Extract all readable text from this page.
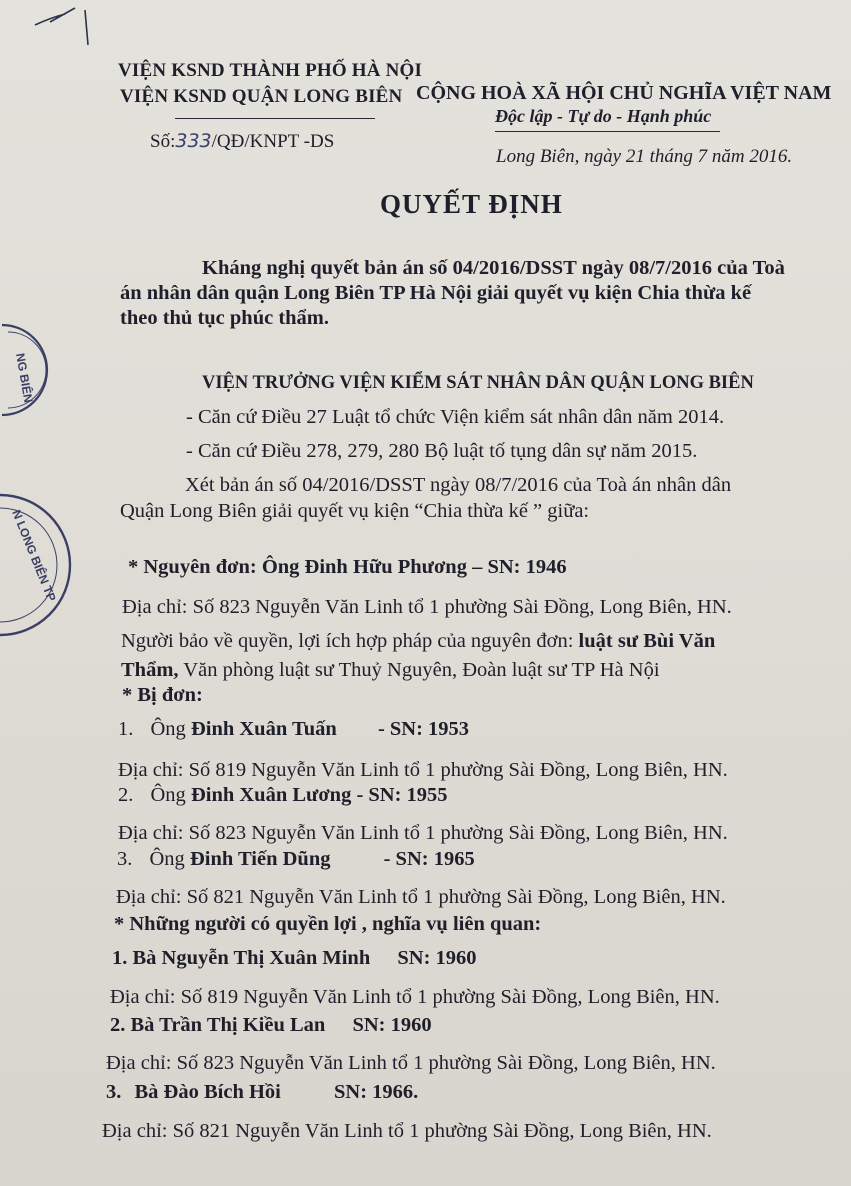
VIỆN KSND THÀNH PHỐ HÀ NỘI
VIỆN KSND QUẬN LONG BIÊN
Số:333/QĐ/KNPT -DS
CỘNG HOÀ XÃ HỘI CHỦ NGHĨA VIỆT NAM
Độc lập - Tự do - Hạnh phúc
Long Biên, ngày 21 tháng 7 năm 2016.
QUYẾT ĐỊNH
Kháng nghị quyết bản án số 04/2016/DSST ngày 08/7/2016 của Toà
án nhân dân quận Long Biên TP Hà Nội giải quyết vụ kiện Chia thừa kế
theo thủ tục phúc thẩm.
VIỆN TRƯỞNG VIỆN KIỂM SÁT NHÂN DÂN QUẬN LONG BIÊN
- Căn cứ Điều 27 Luật tổ chức Viện kiểm sát nhân dân năm 2014.
- Căn cứ Điều 278, 279, 280 Bộ luật tố tụng dân sự năm 2015.
Xét bản án số 04/2016/DSST ngày 08/7/2016 của Toà án nhân dân
Quận Long Biên giải quyết vụ kiện “Chia thừa kế ” giữa:
* Nguyên đơn: Ông Đinh Hữu Phương – SN: 1946
Địa chỉ: Số 823 Nguyễn Văn Linh tổ 1 phường Sài Đồng, Long Biên, HN.
Người bảo về quyền, lợi ích hợp pháp của nguyên đơn: luật sư Bùi Văn
Thẩm, Văn phòng luật sư Thuỷ Nguyên, Đoàn luật sư TP Hà Nội
* Bị đơn:
1. Ông Đinh Xuân Tuấn - SN: 1953
Địa chỉ: Số 819 Nguyễn Văn Linh tổ 1 phường Sài Đồng, Long Biên, HN.
2. Ông Đinh Xuân Lương - SN: 1955
Địa chỉ: Số 823 Nguyễn Văn Linh tổ 1 phường Sài Đồng, Long Biên, HN.
3. Ông Đinh Tiến Dũng	- SN: 1965
Địa chỉ: Số 821 Nguyễn Văn Linh tổ 1 phường Sài Đồng, Long Biên, HN.
* Những người có quyền lợi , nghĩa vụ liên quan:
1. Bà Nguyễn Thị Xuân Minh SN: 1960
Địa chỉ: Số 819 Nguyễn Văn Linh tổ 1 phường Sài Đồng, Long Biên, HN.
2. Bà Trần Thị Kiều Lan SN: 1960
Địa chỉ: Số 823 Nguyễn Văn Linh tổ 1 phường Sài Đồng, Long Biên, HN.
3. Bà Đào Bích Hồi	SN: 1966.
Địa chỉ: Số 821 Nguyễn Văn Linh tổ 1 phường Sài Đồng, Long Biên, HN.
NG BIÊN
N LONG BIÊN TP
